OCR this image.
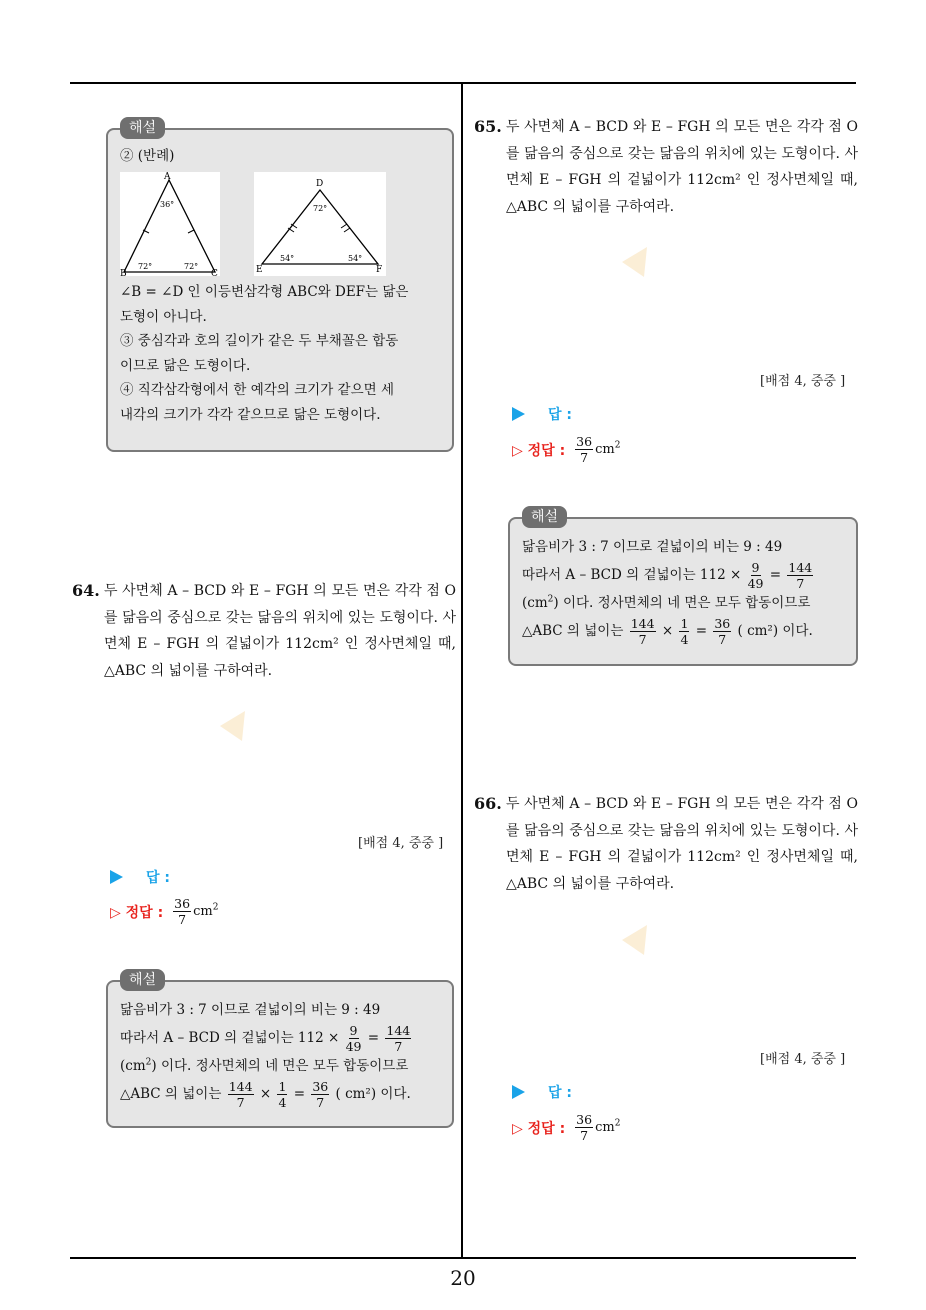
20
해설

② (반례)

A
36°
72°	72°
B	C
D
72°
54°	54°
E	F

∠B = ∠D 인 이등변삼각형 ABC와 DEF는 닮은

도형이 아니다.

③ 중심각과 호의 길이가 같은 두 부채꼴은 합동

이므로 닮은 도형이다.

④ 직각삼각형에서 한 예각의 크기가 같으면 세

내각의 크기가 각각 같으므로 닮은 도형이다.

64. 두 사면체 A – BCD 와 E – FGH 의 모든 면은 각각 점 O 를 닮음의 중심으로 갖는 닮음의 위치에 있는 도형이다. 사면체 E – FGH 의 겉넓이가 112cm² 인 정사면체일 때, △ABC 의 넓이를 구하여라.
[배점 4, 중중 ]
답 :
▷ 정답 : $\frac{36}{7} cm^2$
해설

닮음비가 3 : 7 이므로 겉넓이의 비는 9 : 49

따라서 A – BCD 의 겉넓이는 $112 \times \frac{9}{49} = \frac{144}{7}$

$(cm^2)$ 이다. 정사면체의 네 면은 모두 합동이므로

△ABC 의 넓이는 $\frac{144}{7} \times \frac{1}{4} = \frac{36}{7}$ ( cm²) 이다.

65. 두 사면체 A – BCD 와 E – FGH 의 모든 면은 각각 점 O 를 닮음의 중심으로 갖는 닮음의 위치에 있는 도형이다. 사면체 E – FGH 의 겉넓이가 112cm² 인 정사면체일 때, △ABC 의 넓이를 구하여라.
[배점 4, 중중 ]
답 :
▷ 정답 : $\frac{36}{7} cm^2$
해설

닮음비가 3 : 7 이므로 겉넓이의 비는 9 : 49

따라서 A – BCD 의 겉넓이는 $112 \times \frac{9}{49} = \frac{144}{7}$

$(cm^2)$ 이다. 정사면체의 네 면은 모두 합동이므로

△ABC 의 넓이는 $\frac{144}{7} \times \frac{1}{4} = \frac{36}{7}$ ( cm²) 이다.

66. 두 사면체 A – BCD 와 E – FGH 의 모든 면은 각각 점 O 를 닮음의 중심으로 갖는 닮음의 위치에 있는 도형이다. 사면체 E – FGH 의 겉넓이가 112cm² 인 정사면체일 때, △ABC 의 넓이를 구하여라.
[배점 4, 중중 ]
답 :
▷ 정답 : $\frac{36}{7} cm^2$
